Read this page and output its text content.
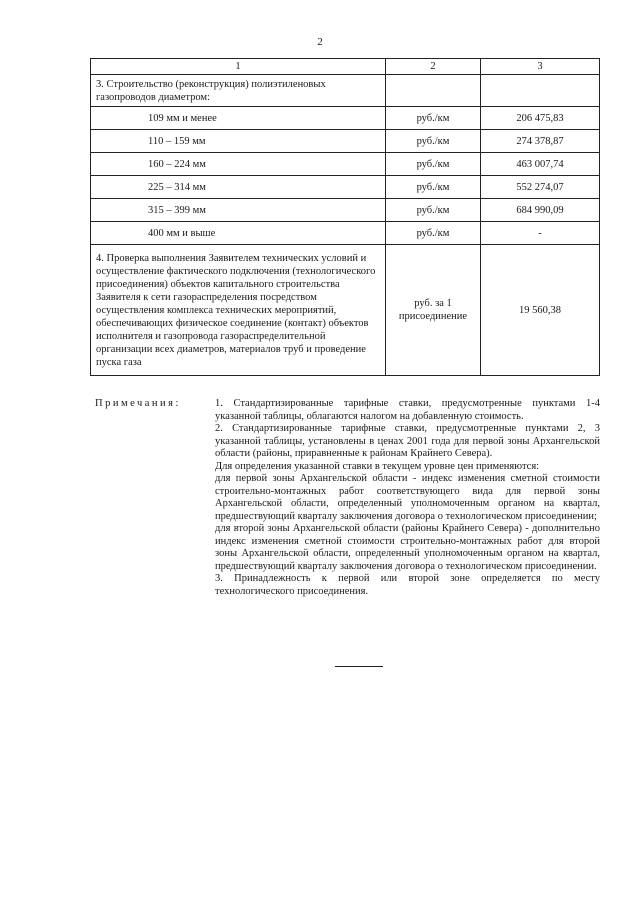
2
1	2	3
3. Строительство (реконструкция) полиэтиленовых газопроводов диаметром:		
109 мм и менее	руб./км	206 475,83
110 – 159 мм	руб./км	274 378,87
160 – 224 мм	руб./км	463 007,74
225 – 314 мм	руб./км	552 274,07
315 – 399 мм	руб./км	684 990,09
400 мм и выше	руб./км	-
4. Проверка выполнения Заявителем технических условий и осуществление фактического подключения (технологического присоединения) объектов капитального строительства Заявителя к сети газораспределения посредством осуществления комплекса технических мероприятий, обеспечивающих физическое соединение (контакт) объектов исполнителя и газопровода газораспределительной организации всех диаметров, материалов труб и проведение пуска газа	руб. за 1 присоединение	19 560,38
Примечания:	1. Стандартизированные тарифные ставки, предусмотренные пунктами 1-4 указанной таблицы, облагаются налогом на добавленную стоимость.

2. Стандартизированные тарифные ставки, предусмотренные пунктами 2, 3 указанной таблицы, установлены в ценах 2001 года для первой зоны Архангельской области (районы, приравненные к районам Крайнего Севера).

Для определения указанной ставки в текущем уровне цен применяются:

для первой зоны Архангельской области - индекс изменения сметной стоимости строительно-монтажных работ соответствующего вида для первой зоны Архангельской области, определенный уполномоченным органом на квартал, предшествующий кварталу заключения договора о технологическом присоединении;

для второй зоны Архангельской области (районы Крайнего Севера) - дополнительно индекс изменения сметной стоимости строительно-монтажных работ для второй зоны Архангельской области, определенный уполномоченным органом на квартал, предшествующий кварталу заключения договора о технологическом присоединении.

3. Принадлежность к первой или второй зоне определяется по месту технологического присоединения.
